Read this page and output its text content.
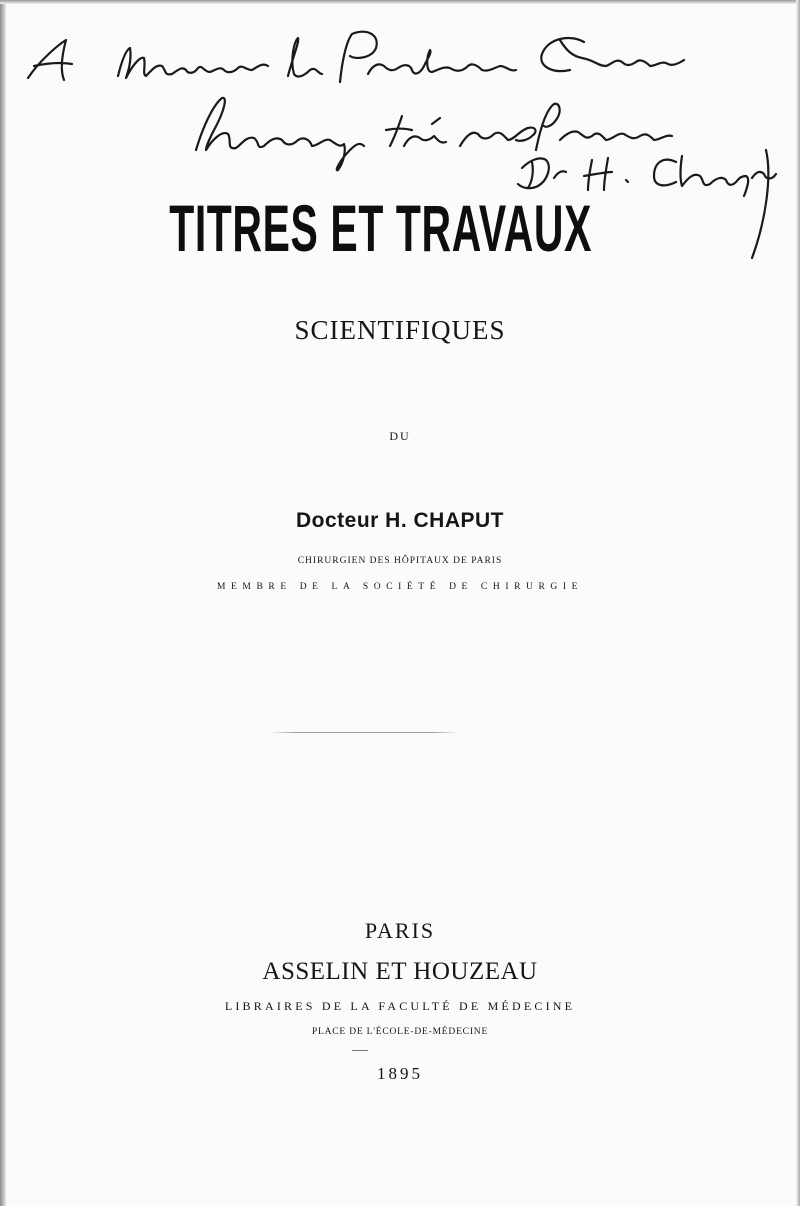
TITRES ET TRAVAUX
SCIENTIFIQUES
DU
Docteur H. CHAPUT
CHIRURGIEN DES HÔPITAUX DE PARIS
MEMBRE DE LA SOCIÉTÉ DE CHIRURGIE
PARIS
ASSELIN ET HOUZEAU
LIBRAIRES DE LA FACULTÉ DE MÉDECINE
PLACE DE L'ÉCOLE-DE-MÉDECINE
1895
